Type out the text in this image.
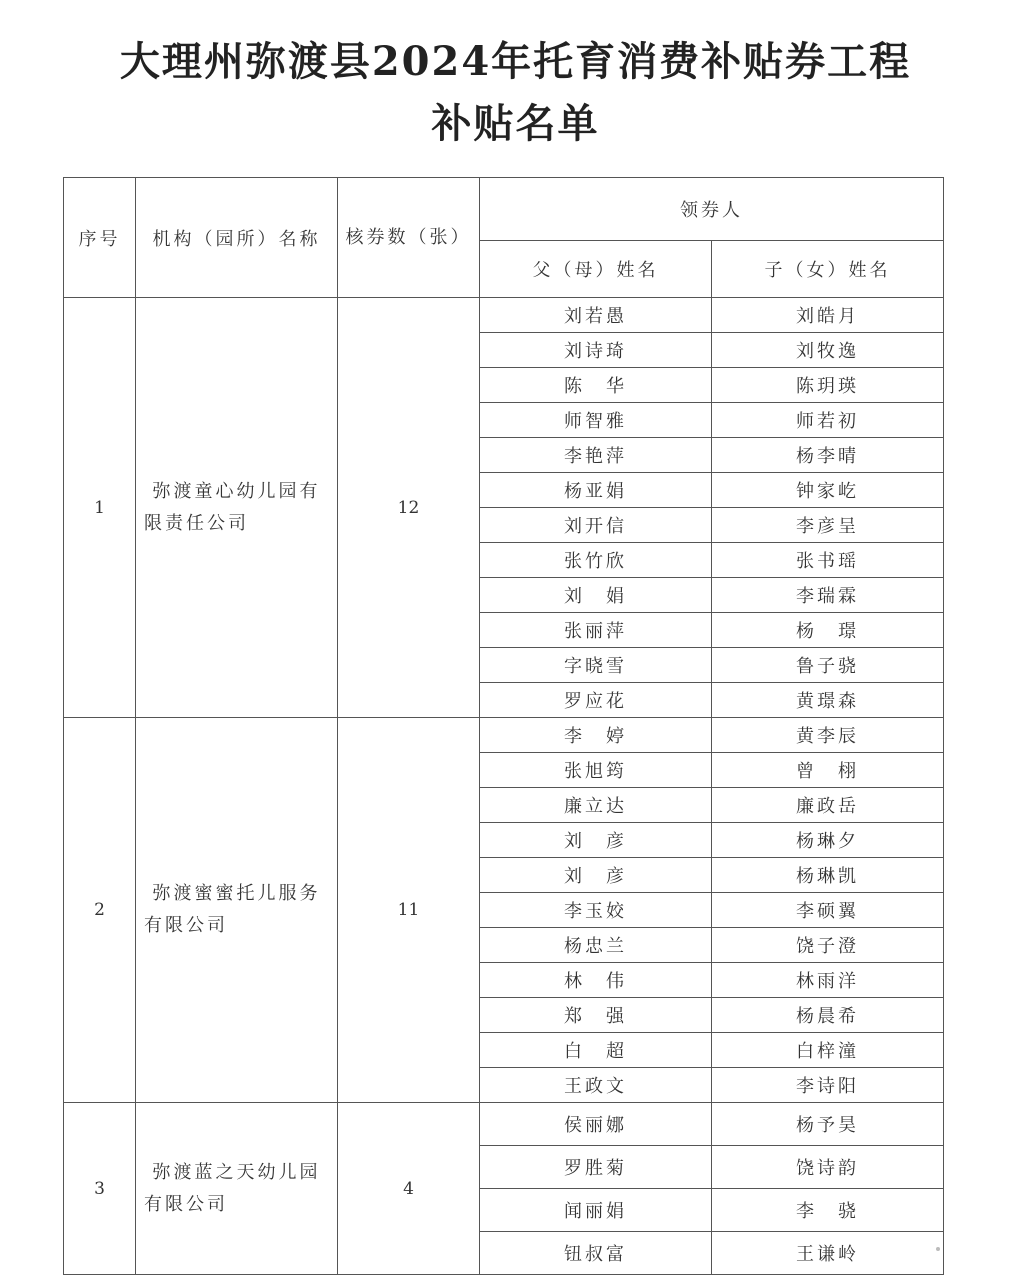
大理州弥渡县2024年托育消费补贴券工程
补贴名单
序号	机构（园所）名称	核券数（张）	领券人	
			父（母）姓名	子（女）姓名
1	弥渡童心幼儿园有限责任公司	12	刘若愚	刘皓月
			刘诗琦	刘牧逸
			陈　华	陈玥瑛
			师智雅	师若初
			李艳萍	杨李晴
			杨亚娟	钟家屹
			刘开信	李彦呈
			张竹欣	张书瑶
			刘　娟	李瑞霖
			张丽萍	杨　璟
			字晓雪	鲁子骁
			罗应花	黄璟森
2	弥渡蜜蜜托儿服务有限公司	11	李　婷	黄李辰
			张旭筠	曾　栩
			廉立达	廉政岳
			刘　彦	杨琳夕
			刘　彦	杨琳凯
			李玉姣	李硕翼
			杨忠兰	饶子澄
			林　伟	林雨洋
			郑　强	杨晨希
			白　超	白梓潼
			王政文	李诗阳
3	弥渡蓝之天幼儿园有限公司	4	侯丽娜	杨予昊
			罗胜菊	饶诗韵
			闻丽娟	李　骁
			钮叔富	王谦岭
